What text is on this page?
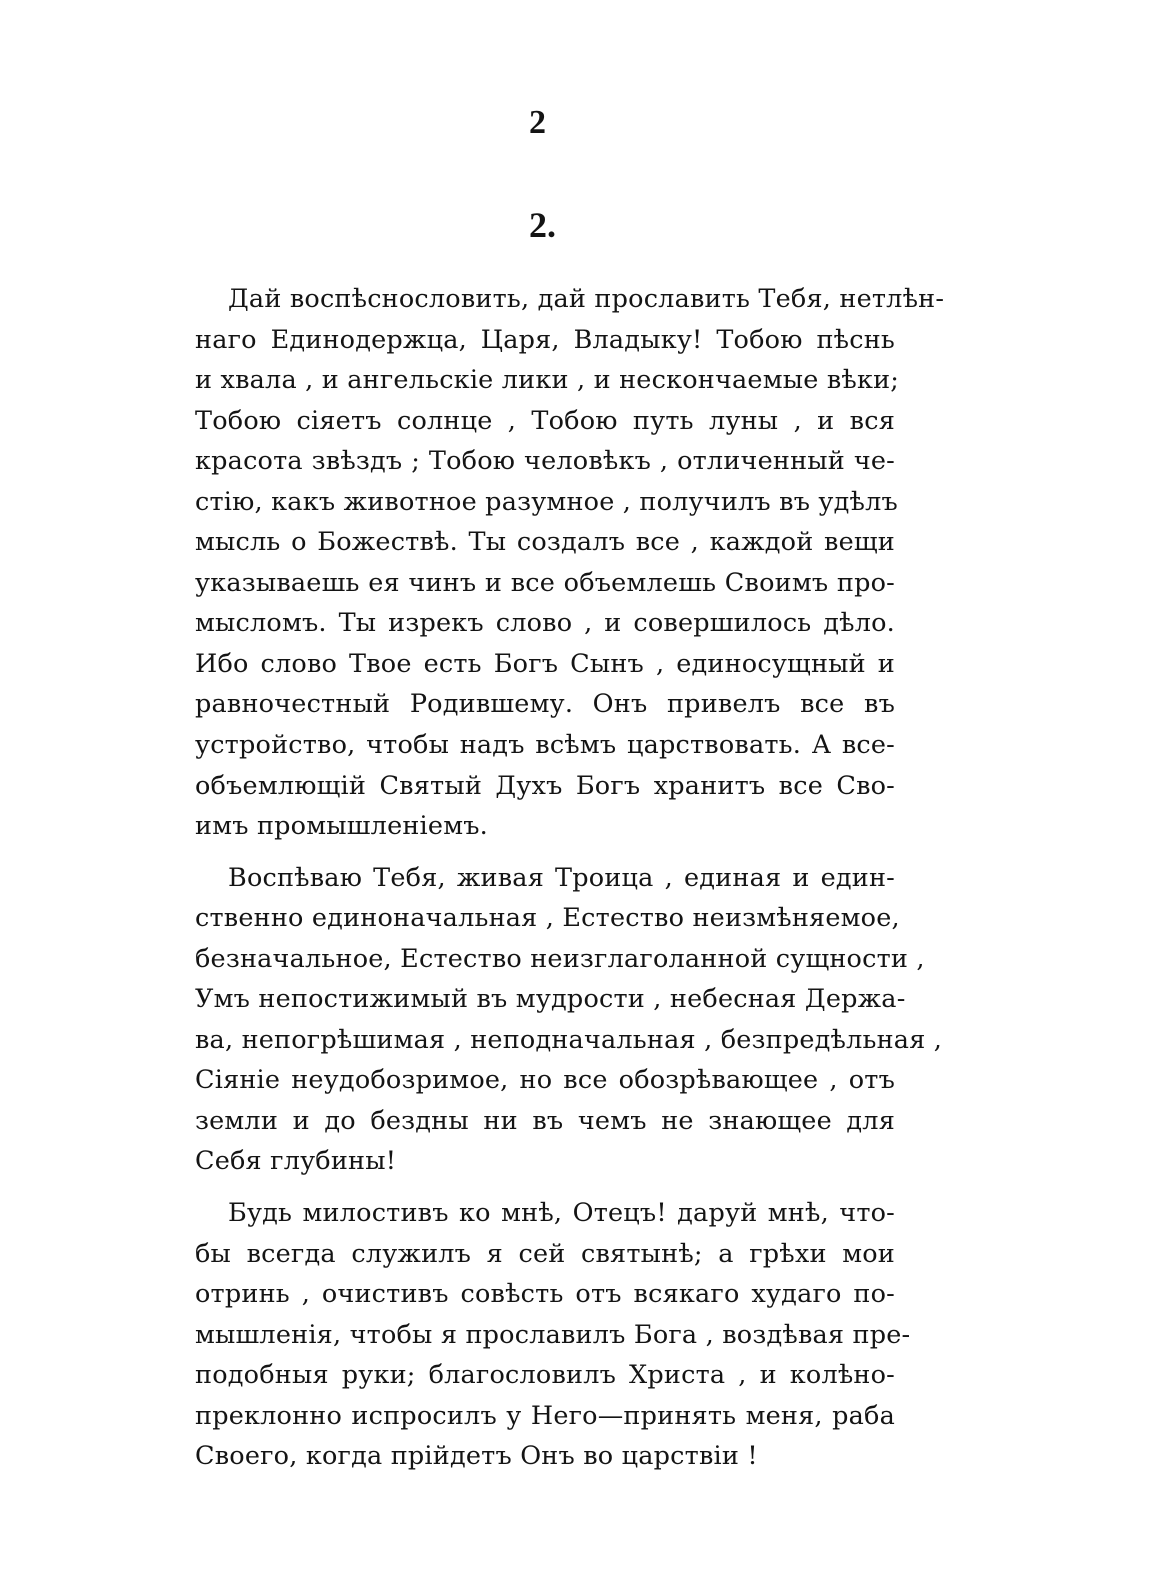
2
2.
Дай воспѣснословить, дай прославить Тебя, нетлѣн-
наго Единодержца, Царя, Владыку! Тобою пѣснь
и хвала , и ангельскіе лики , и нескончаемые вѣки;
Тобою сіяетъ солнце , Тобою путь луны , и вся
красота звѣздъ ; Тобою человѣкъ , отличенный че-
стію, какъ животное разумное , получилъ въ удѣлъ
мысль о Божествѣ. Ты создалъ все , каждой вещи
указываешь ея чинъ и все объемлешь Своимъ про-
мысломъ. Ты изрекъ слово , и совершилось дѣло.
Ибо слово Твое есть Богъ Сынъ , единосущный и
равночестный Родившему. Онъ привелъ все въ
устройство, чтобы надъ всѣмъ царствовать. А все-
объемлющій Святый Духъ Богъ хранитъ все Сво-
имъ промышленіемъ.
Воспѣваю Тебя, живая Троица , единая и един-
ственно единоначальная , Естество неизмѣняемое,
безначальное, Естество неизглаголанной сущности ,
Умъ непостижимый въ мудрости , небесная Держа-
ва, непогрѣшимая , неподначальная , безпредѣльная ,
Сіяніе неудобозримое, но все обозрѣвающее , отъ
земли и до бездны ни въ чемъ не знающее для
Себя глубины!
Будь милостивъ ко мнѣ, Отецъ! даруй мнѣ, что-
бы всегда служилъ я сей святынѣ; а грѣхи мои
отринь , очистивъ совѣсть отъ всякаго худаго по-
мышленія, чтобы я прославилъ Бога , воздѣвая пре-
подобныя руки; благословилъ Христа , и колѣно-
преклонно испросилъ у Него—принять меня, раба
Своего, когда прійдетъ Онъ во царствіи !
